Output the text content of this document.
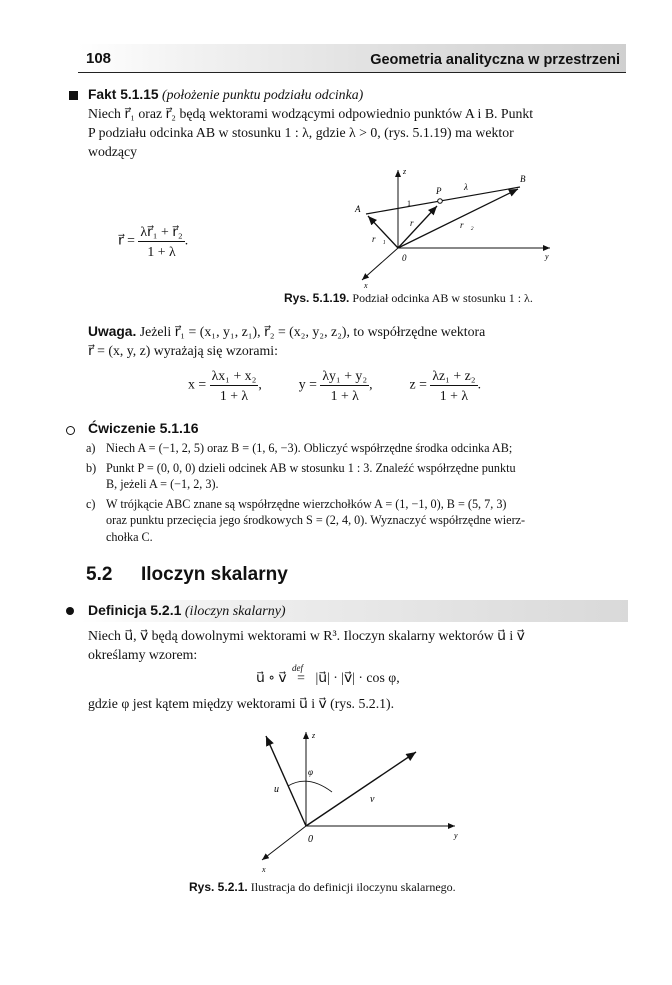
108	Geometria analityczna w przestrzeni
Fakt 5.1.15 (położenie punktu podziału odcinka)
Niech r⃗₁ oraz r⃗₂ będą wektorami wodzącymi odpowiednio punktów A i B. Punkt
P podziału odcinka AB w stosunku 1 : λ, gdzie λ > 0, (rys. 5.1.19) ma wektor
wodzący
r⃗ = $\frac{\text{λr⃗₁ + r⃗₂}}{1 + \lambda}$ .
z
y
x
A
B
P
1
λ
r⃗
r⃗₁
r⃗₂
0⃗
Rys. 5.1.19. Podział odcinka AB w stosunku 1 : λ.
Uwaga. Jeżeli r⃗₁ = (x₁, y₁, z₁), r⃗₂ = (x₂, y₂, z₂), to współrzędne wektora
r⃗ = (x, y, z) wyrażają się wzorami:
$x = \frac{\text{λx₁ + x₂}}{1 + \lambda}$ ,	$y = \frac{\text{λy₁ + y₂}}{1 + \lambda}$ ,	$z = \frac{\text{λz₁ + z₂}}{1 + \lambda}$ .
Ćwiczenie 5.1.16
a) Niech A = (−1, 2, 5) oraz B = (1, 6, −3). Obliczyć współrzędne środka odcinka AB;
b) Punkt P = (0, 0, 0) dzieli odcinek AB w stosunku 1 : 3. Znaleźć współrzędne punktu
B, jeżeli A = (−1, 2, 3).
c) W trójkącie ABC znane są współrzędne wierzchołków A = (1, −1, 0), B = (5, 7, 3)
oraz punktu przecięcia jego środkowych S = (2, 4, 0). Wyznaczyć współrzędne wierz-
chołka C.
5.2 Iloczyn skalarny
Definicja 5.2.1 (iloczyn skalarny)
Niech u⃗, v⃗ będą dowolnymi wektorami w R³. Iloczyn skalarny wektorów u⃗ i v⃗
określamy wzorem:
u⃗ ∘ v⃗
def
= |u⃗| · |v⃗| · cos φ,
gdzie φ jest kątem między wektorami u⃗ i v⃗ (rys. 5.2.1).
z
y
x
u⃗
v⃗
φ
0⃗
Rys. 5.2.1. Ilustracja do definicji iloczynu skalarnego.
